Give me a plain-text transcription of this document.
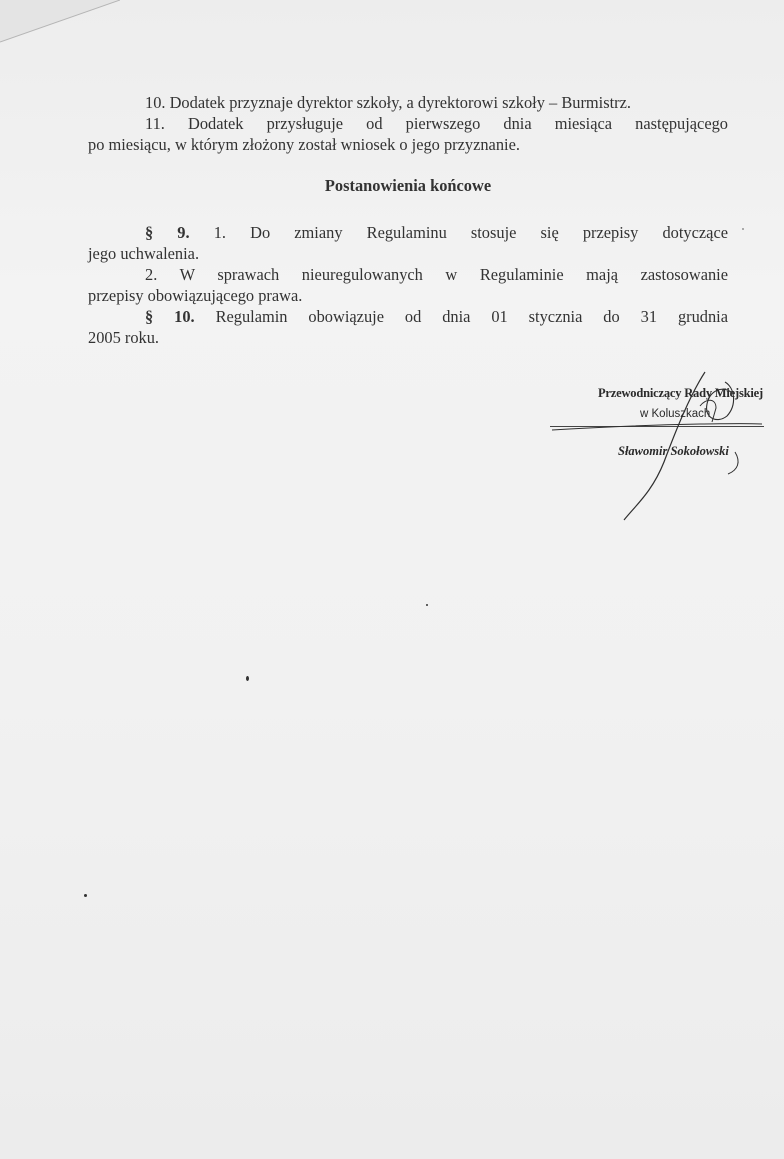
10. Dodatek przyznaje dyrektor szkoły, a dyrektorowi szkoły – Burmistrz.
11. Dodatek przysługuje od pierwszego dnia miesiąca następującego
po miesiącu, w którym złożony został wniosek o jego przyznanie.
Postanowienia końcowe
§ 9. 1. Do zmiany Regulaminu stosuje się przepisy dotyczące
jego uchwalenia.
2. W sprawach nieuregulowanych w Regulaminie mają zastosowanie
przepisy obowiązującego prawa.
§ 10. Regulamin obowiązuje od dnia 01 stycznia do 31 grudnia
2005 roku.
Przewodniczący Rady Miejskiej
w Koluszkach
Sławomir Sokołowski
